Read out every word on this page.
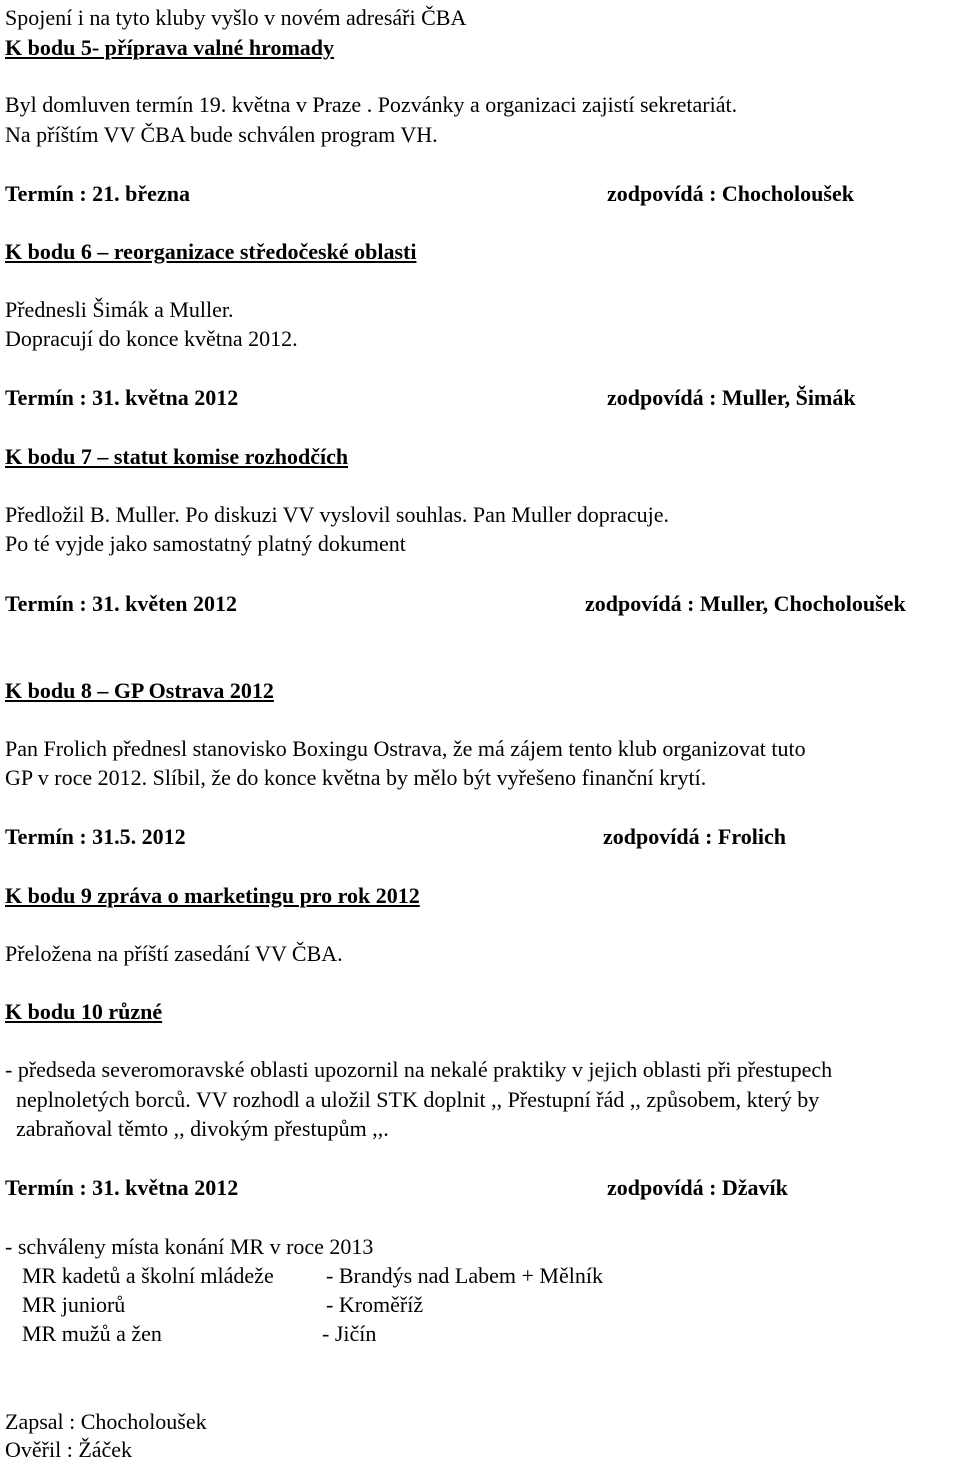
Spojení i na tyto kluby vyšlo v novém adresáři ČBA
K bodu 5- příprava valné hromady
Byl domluven termín 19. května v Praze . Pozvánky a organizaci zajistí sekretariát.
Na příštím VV ČBA bude schválen program VH.
Termín : 21. března	zodpovídá : Chocholoušek
K bodu 6 – reorganizace středočeské oblasti
Přednesli Šimák a Muller.
Dopracují do konce května 2012.
Termín : 31. května 2012	zodpovídá : Muller, Šimák
K bodu 7 – statut komise rozhodčích
Předložil B. Muller. Po diskuzi VV vyslovil souhlas. Pan Muller dopracuje.
Po té vyjde jako samostatný platný dokument
Termín : 31. květen 2012	zodpovídá : Muller, Chocholoušek
K bodu 8 – GP Ostrava 2012
Pan Frolich přednesl stanovisko Boxingu Ostrava, že má zájem tento klub organizovat tuto
GP v roce 2012. Slíbil, že do konce května by mělo být vyřešeno finanční krytí.
Termín : 31.5. 2012	zodpovídá : Frolich
K bodu 9 zpráva o marketingu pro rok 2012
Přeložena na příští zasedání VV ČBA.
K bodu 10 různé
- předseda severomoravské oblasti upozornil na nekalé praktiky v jejich oblasti při přestupech
neplnoletých borců. VV rozhodl a uložil STK doplnit ,, Přestupní řád ,, způsobem, který by
zabraňoval těmto ,, divokým přestupům ,,.
Termín : 31. května 2012	zodpovídá : Džavík
- schváleny místa konání MR v roce 2013
MR kadetů a školní mládeže - Brandýs nad Labem + Mělník
MR juniorů	- Kroměříž
MR mužů a žen	- Jičín
Zapsal : Chocholoušek
Ověřil : Žáček
